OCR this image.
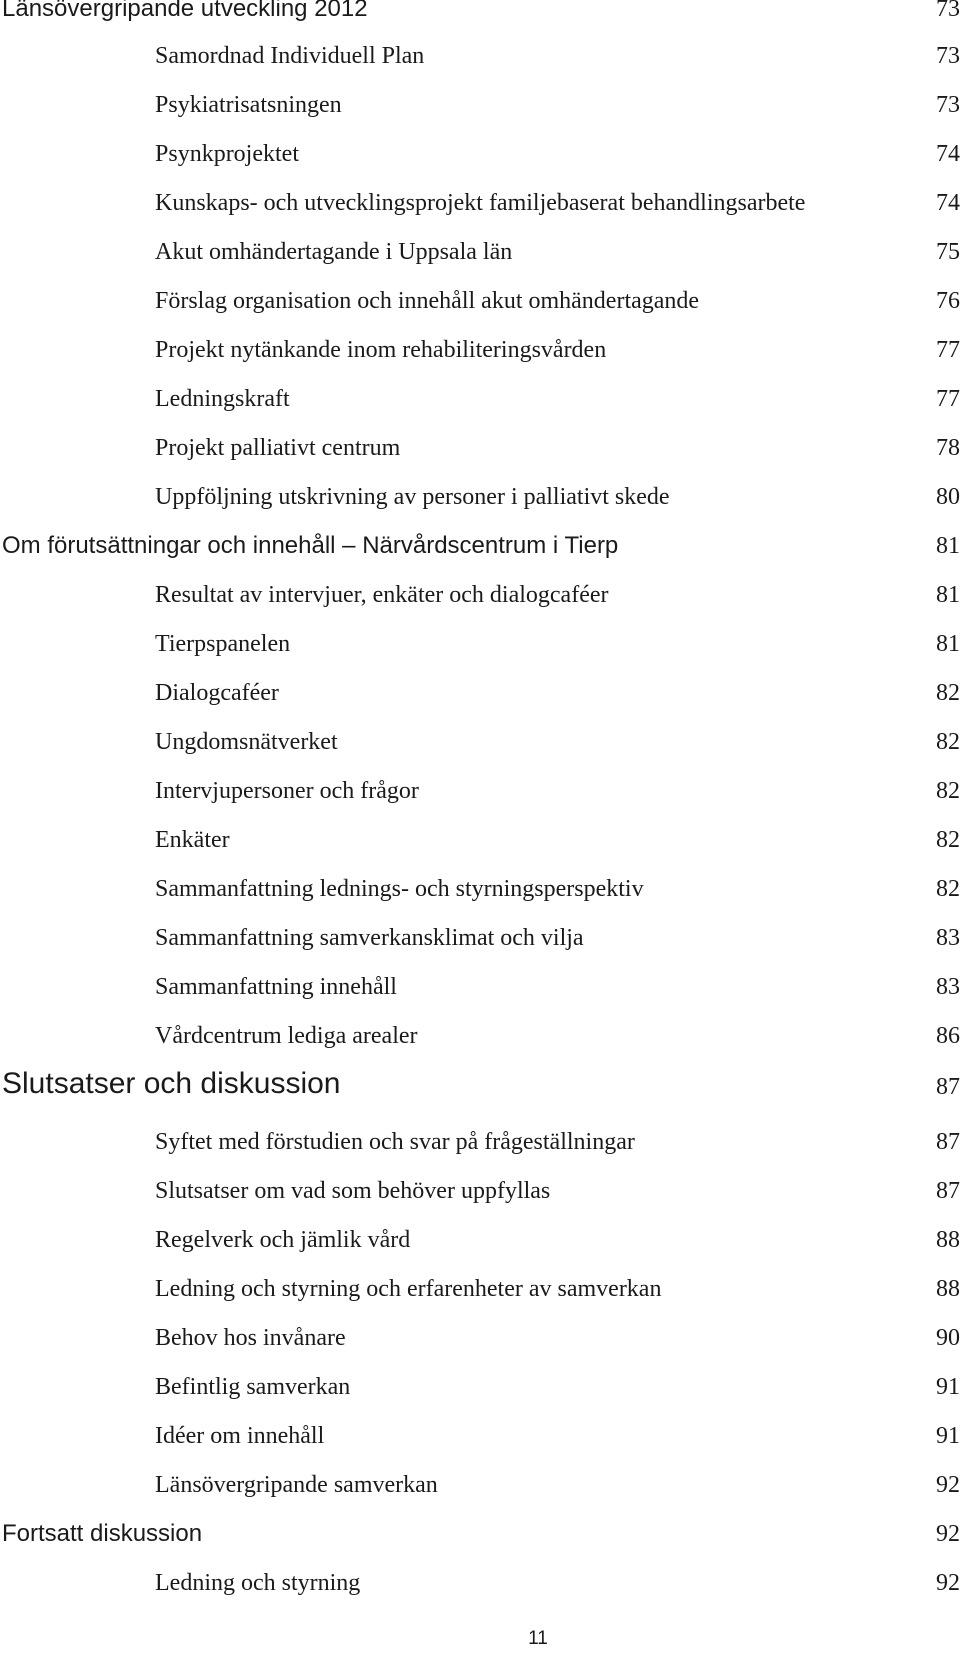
Länsövergripande utveckling 2012	73
Samordnad Individuell Plan	73
Psykiatrisatsningen	73
Psynkprojektet	74
Kunskaps- och utvecklingsprojekt familjebaserat behandlingsarbete	74
Akut omhändertagande i Uppsala län	75
Förslag organisation och innehåll akut omhändertagande	76
Projekt nytänkande inom rehabiliteringsvården	77
Ledningskraft	77
Projekt palliativt centrum	78
Uppföljning utskrivning av personer i palliativt skede	80
Om förutsättningar och innehåll – Närvårdscentrum i Tierp	81
Resultat av intervjuer, enkäter och dialogcaféer	81
Tierpspanelen	81
Dialogcaféer	82
Ungdomsnätverket	82
Intervjupersoner och frågor	82
Enkäter	82
Sammanfattning lednings- och styrningsperspektiv	82
Sammanfattning samverkansklimat och vilja	83
Sammanfattning innehåll	83
Vårdcentrum lediga arealer	86
Slutsatser och diskussion	87
Syftet med förstudien och svar på frågeställningar	87
Slutsatser om vad som behöver uppfyllas	87
Regelverk och jämlik vård	88
Ledning och styrning och erfarenheter av samverkan	88
Behov hos invånare	90
Befintlig samverkan	91
Idéer om innehåll	91
Länsövergripande samverkan	92
Fortsatt diskussion	92
Ledning och styrning	92
11
